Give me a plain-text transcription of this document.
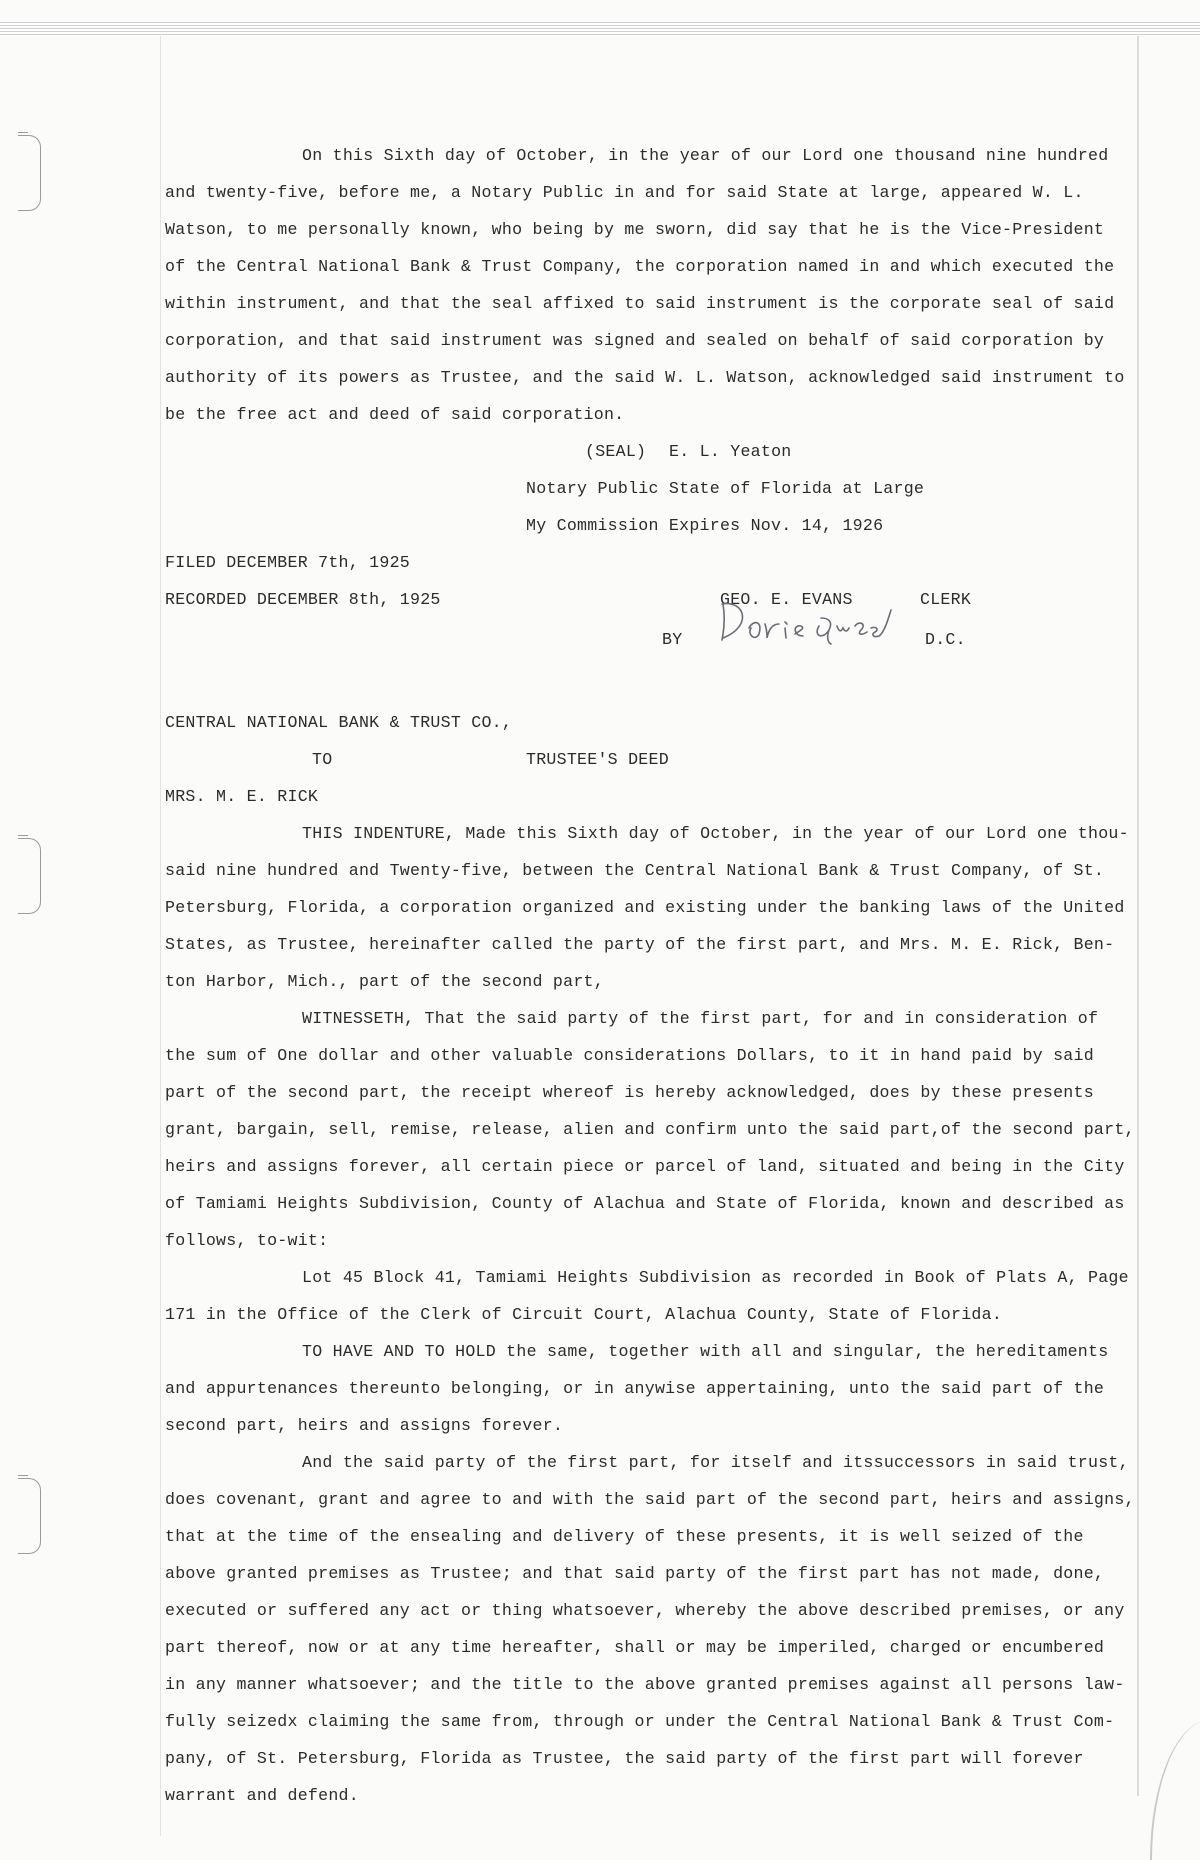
On this Sixth day of October, in the year of our Lord one thousand nine hundred
and twenty-five, before me, a Notary Public in and for said State at large, appeared W. L.
Watson, to me personally known, who being by me sworn, did say that he is the Vice-President
of the Central National Bank & Trust Company, the corporation named in and which executed the
within instrument, and that the seal affixed to said instrument is the corporate seal of said
corporation, and that said instrument was signed and sealed on behalf of said corporation by
authority of its powers as Trustee, and the said W. L. Watson, acknowledged said instrument to
be the free act and deed of said corporation.
(SEAL) E. L. Yeaton
Notary Public State of Florida at Large
My Commission Expires Nov. 14, 1926
FILED DECEMBER 7th, 1925
RECORDED DECEMBER 8th, 1925	GEO. E. EVANS	CLERK
BY	D.C.
CENTRAL NATIONAL BANK & TRUST CO.,
TO	TRUSTEE'S DEED
MRS. M. E. RICK
THIS INDENTURE, Made this Sixth day of October, in the year of our Lord one thou-
said nine hundred and Twenty-five, between the Central National Bank & Trust Company, of St.
Petersburg, Florida, a corporation organized and existing under the banking laws of the United
States, as Trustee, hereinafter called the party of the first part, and Mrs. M. E. Rick, Ben-
ton Harbor, Mich., part of the second part,
WITNESSETH, That the said party of the first part, for and in consideration of
the sum of One dollar and other valuable considerations Dollars, to it in hand paid by said
part of the second part, the receipt whereof is hereby acknowledged, does by these presents
grant, bargain, sell, remise, release, alien and confirm unto the said part,of the second part,
heirs and assigns forever, all certain piece or parcel of land, situated and being in the City
of Tamiami Heights Subdivision, County of Alachua and State of Florida, known and described as
follows, to-wit:
Lot 45 Block 41, Tamiami Heights Subdivision as recorded in Book of Plats A, Page
171 in the Office of the Clerk of Circuit Court, Alachua County, State of Florida.
TO HAVE AND TO HOLD the same, together with all and singular, the hereditaments
and appurtenances thereunto belonging, or in anywise appertaining, unto the said part of the
second part, heirs and assigns forever.
And the said party of the first part, for itself and itssuccessors in said trust,
does covenant, grant and agree to and with the said part of the second part, heirs and assigns,
that at the time of the ensealing and delivery of these presents, it is well seized of the
above granted premises as Trustee; and that said party of the first part has not made, done,
executed or suffered any act or thing whatsoever, whereby the above described premises, or any
part thereof, now or at any time hereafter, shall or may be imperiled, charged or encumbered
in any manner whatsoever; and the title to the above granted premises against all persons law-
fully seizedx claiming the same from, through or under the Central National Bank & Trust Com-
pany, of St. Petersburg, Florida as Trustee, the said party of the first part will forever
warrant and defend.
